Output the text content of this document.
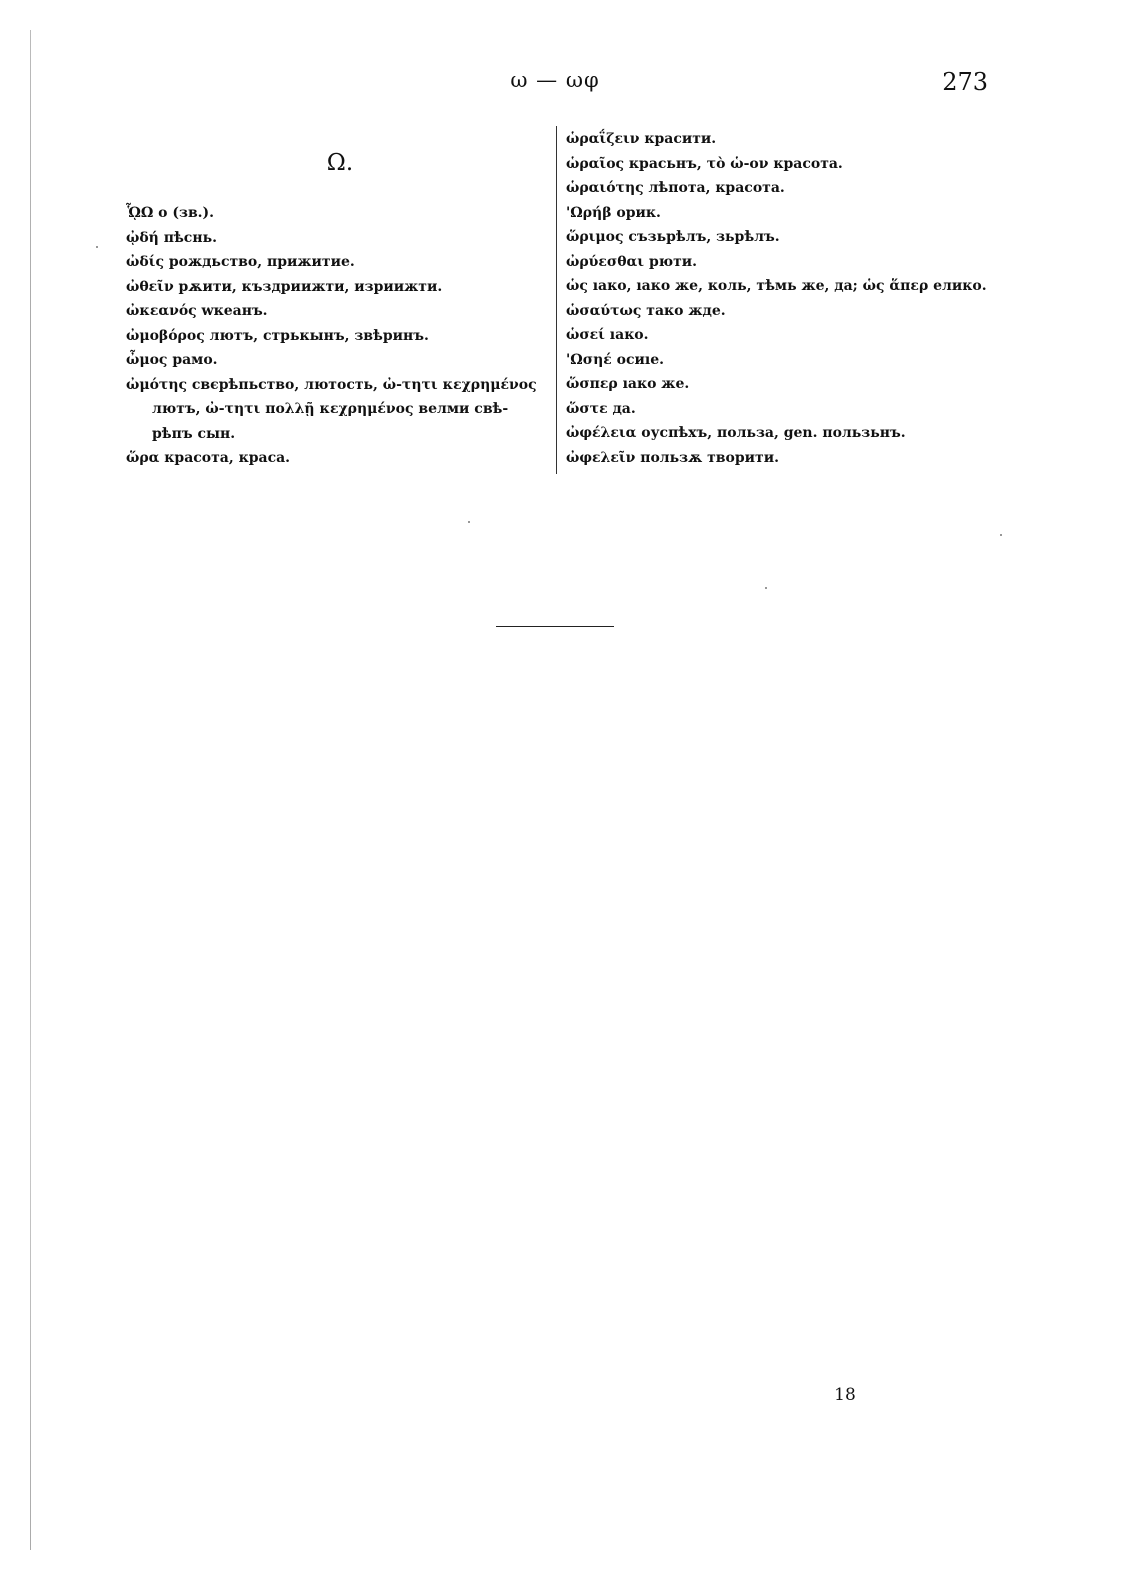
ω — ωφ	273
Ω.

ᾯΩ ο (зв.).

ᾠδή пѣснь.

ὠδίς рождьство, прижитие.

ὠθεῖν рѫити, къздриижти, изриижти.

ὠκεανός wкеанъ.

ὠμοβόρος лютъ, стрькынъ, звѣринъ.

ὦμος рамо.

ὠμότης свєрѣпьство, лютость, ὠ-τητι κεχρημένος

лютъ, ὠ-τητι πολλῇ κεχρημένος велми свѣ-

рѣпъ сын.

ὥρα красота, краса.

ὡραΐζειν красити.

ὡραῖος красьнъ, τὸ ὡ-ον красота.

ὡραιότης лѣпота, красота.

'Ωρήβ орик.

ὥριμος съзьрѣлъ, зьрѣлъ.

ὠρύεσθαι рюти.

ὡς ıако, ıако же, коль, тѣмь же, да; ὡς ἅπερ елико.

ὡσαύτως тако жде.

ὡσεί ıако.

'Ωσηέ осиıе.

ὥσπερ ıако же.

ὥστε да.

ὠφέλεια оуспѣхъ, польза, gen. пользьнъ.

ὠφελεῖν пользѫ творити.

18
